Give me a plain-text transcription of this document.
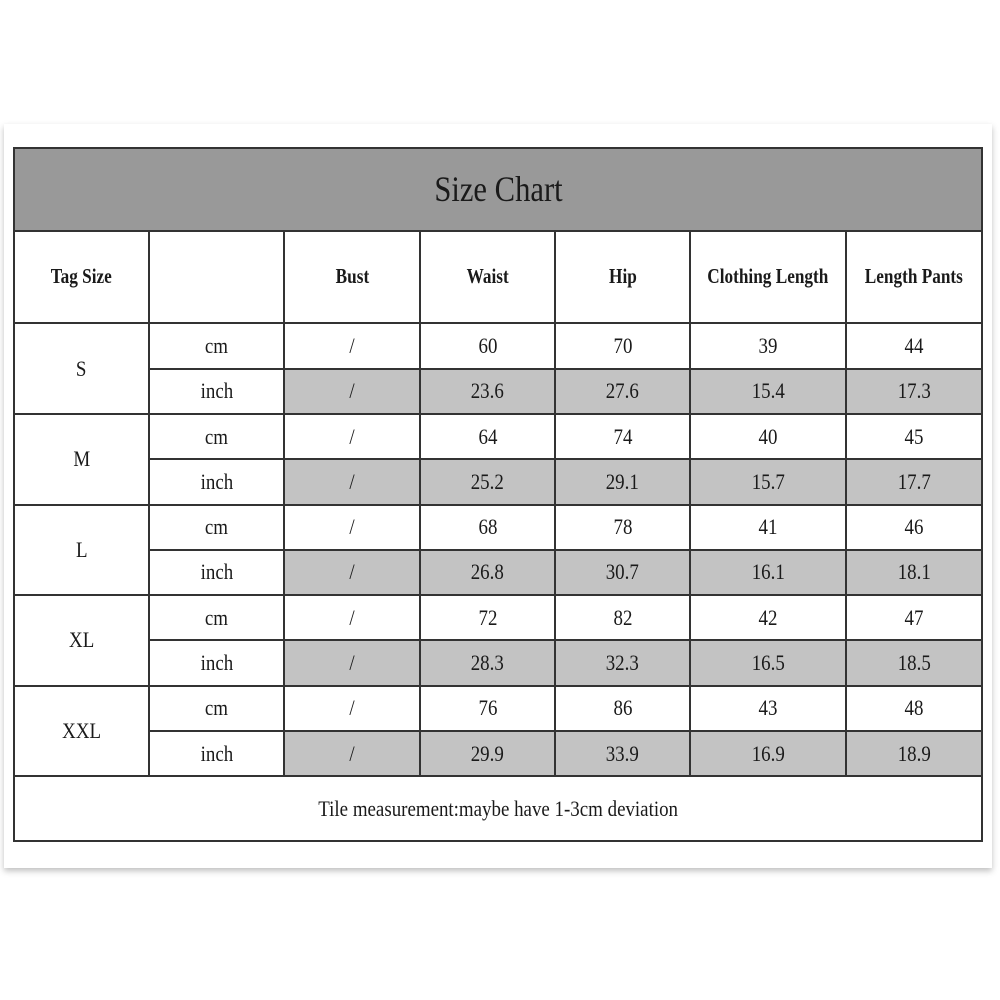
Size Chart						
Tag Size		Bust	Waist	Hip	Clothing Length	Length Pants
S	cm	/	60	70	39	44
	inch	/	23.6	27.6	15.4	17.3
M	cm	/	64	74	40	45
	inch	/	25.2	29.1	15.7	17.7
L	cm	/	68	78	41	46
	inch	/	26.8	30.7	16.1	18.1
XL	cm	/	72	82	42	47
	inch	/	28.3	32.3	16.5	18.5
XXL	cm	/	76	86	43	48
	inch	/	29.9	33.9	16.9	18.9
Tile measurement:maybe have 1-3cm deviation						
